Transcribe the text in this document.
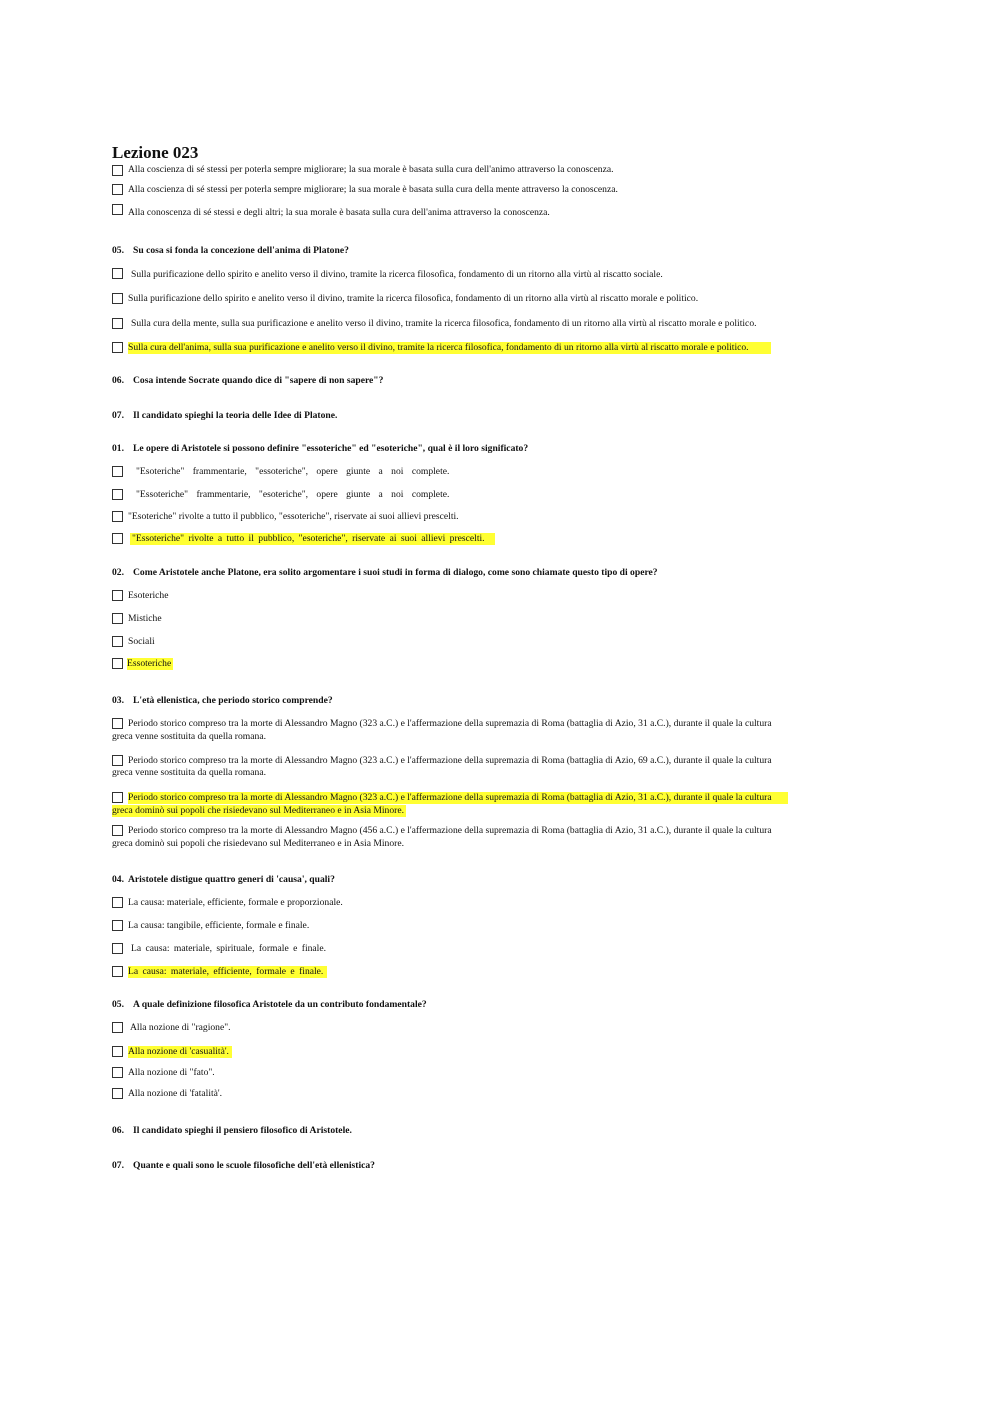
Lezione 023
Alla coscienza di sé stessi per poterla sempre migliorare; la sua morale è basata sulla cura dell'animo attraverso la conoscenza.
Alla coscienza di sé stessi per poterla sempre migliorare; la sua morale è basata sulla cura della mente attraverso la conoscenza.
Alla conoscenza di sé stessi e degli altri; la sua morale è basata sulla cura dell'anima attraverso la conoscenza.
05. Su cosa si fonda la concezione dell'anima di Platone?
Sulla purificazione dello spirito e anelito verso il divino, tramite la ricerca filosofica, fondamento di un ritorno alla virtù al riscatto sociale.
Sulla purificazione dello spirito e anelito verso il divino, tramite la ricerca filosofica, fondamento di un ritorno alla virtù al riscatto morale e politico.
Sulla cura della mente, sulla sua purificazione e anelito verso il divino, tramite la ricerca filosofica, fondamento di un ritorno alla virtù al riscatto morale e politico.
Sulla cura dell'anima, sulla sua purificazione e anelito verso il divino, tramite la ricerca filosofica, fondamento di un ritorno alla virtù al riscatto morale e politico.
06. Cosa intende Socrate quando dice di "sapere di non sapere"?
07. Il candidato spieghi la teoria delle Idee di Platone.
01. Le opere di Aristotele si possono definire "essoteriche" ed "esoteriche", qual è il loro significato?
"Esoteriche" frammentarie, "essoteriche", opere giunte a noi complete.
"Essoteriche" frammentarie, "esoteriche", opere giunte a noi complete.
"Esoteriche" rivolte a tutto il pubblico, "essoteriche", riservate ai suoi allievi prescelti.
"Essoteriche" rivolte a tutto il pubblico, "esoteriche", riservate ai suoi allievi prescelti.
02. Come Aristotele anche Platone, era solito argomentare i suoi studi in forma di dialogo, come sono chiamate questo tipo di opere?
Esoteriche
Mistiche
Sociali
Essoteriche
03. L'età ellenistica, che periodo storico comprende?
Periodo storico compreso tra la morte di Alessandro Magno (323 a.C.) e l'affermazione della supremazia di Roma (battaglia di Azio, 31 a.C.), durante il quale la cultura
greca venne sostituita da quella romana.
Periodo storico compreso tra la morte di Alessandro Magno (323 a.C.) e l'affermazione della supremazia di Roma (battaglia di Azio, 69 a.C.), durante il quale la cultura
greca venne sostituita da quella romana.
Periodo storico compreso tra la morte di Alessandro Magno (323 a.C.) e l'affermazione della supremazia di Roma (battaglia di Azio, 31 a.C.), durante il quale la cultura
greca dominò sui popoli che risiedevano sul Mediterraneo e in Asia Minore.
Periodo storico compreso tra la morte di Alessandro Magno (456 a.C.) e l'affermazione della supremazia di Roma (battaglia di Azio, 31 a.C.), durante il quale la cultura
greca dominò sui popoli che risiedevano sul Mediterraneo e in Asia Minore.
04. Aristotele distigue quattro generi di 'causa', quali?
La causa: materiale, efficiente, formale e proporzionale.
La causa: tangibile, efficiente, formale e finale.
La causa: materiale, spirituale, formale e finale.
La causa: materiale, efficiente, formale e finale.
05. A quale definizione filosofica Aristotele da un contributo fondamentale?
Alla nozione di "ragione".
Alla nozione di 'casualità'.
Alla nozione di "fato".
Alla nozione di 'fatalità'.
06. Il candidato spieghi il pensiero filosofico di Aristotele.
07. Quante e quali sono le scuole filosofiche dell'età ellenistica?
